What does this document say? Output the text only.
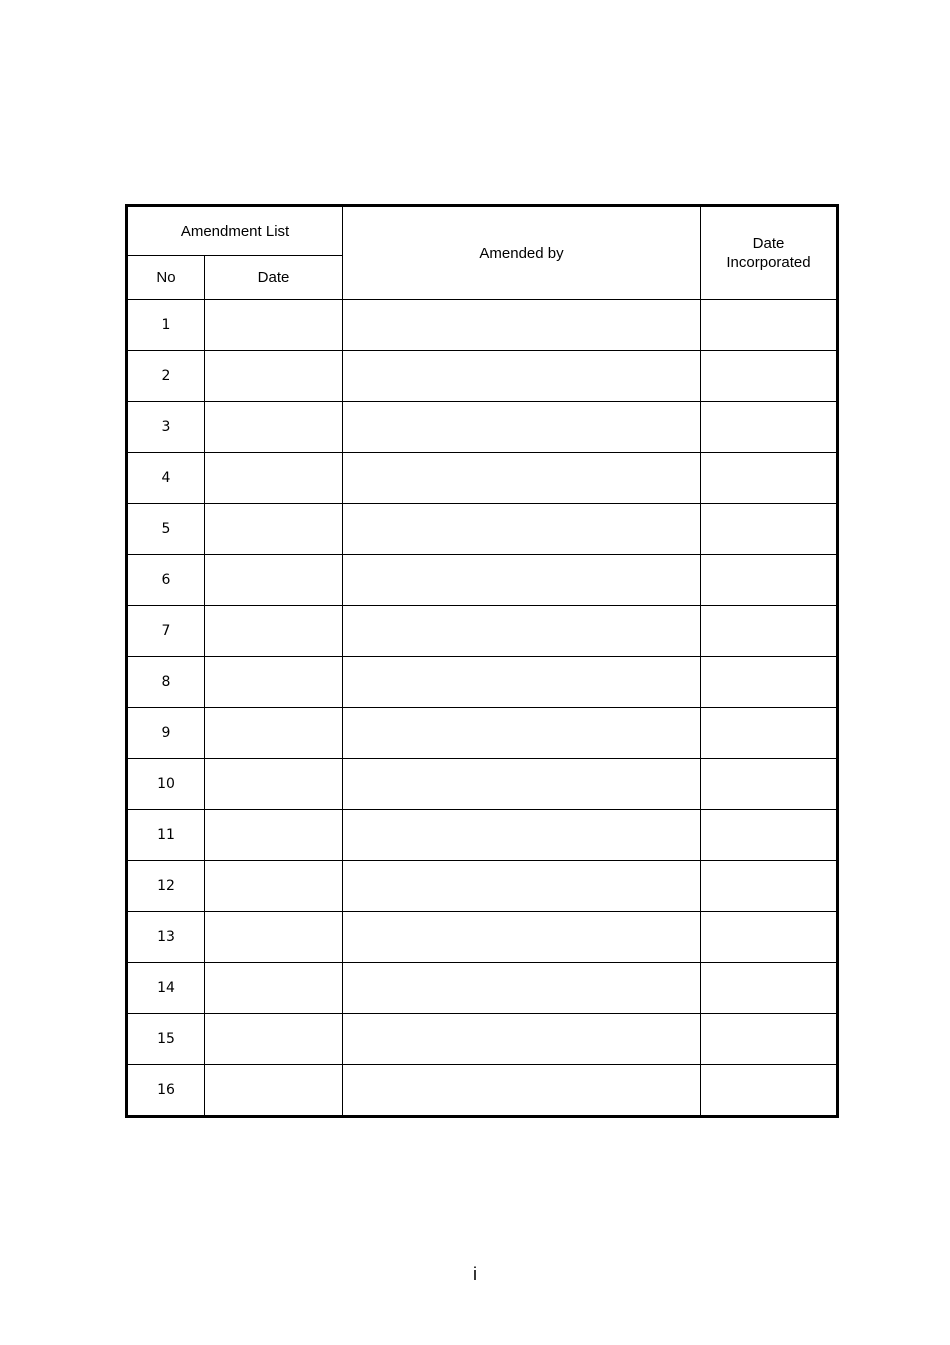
Amendment List		Amended by	Date
Incorporated
No	Date		
1			
2			
3			
4			
5			
6			
7			
8			
9			
10			
11			
12			
13			
14			
15			
16			
i
